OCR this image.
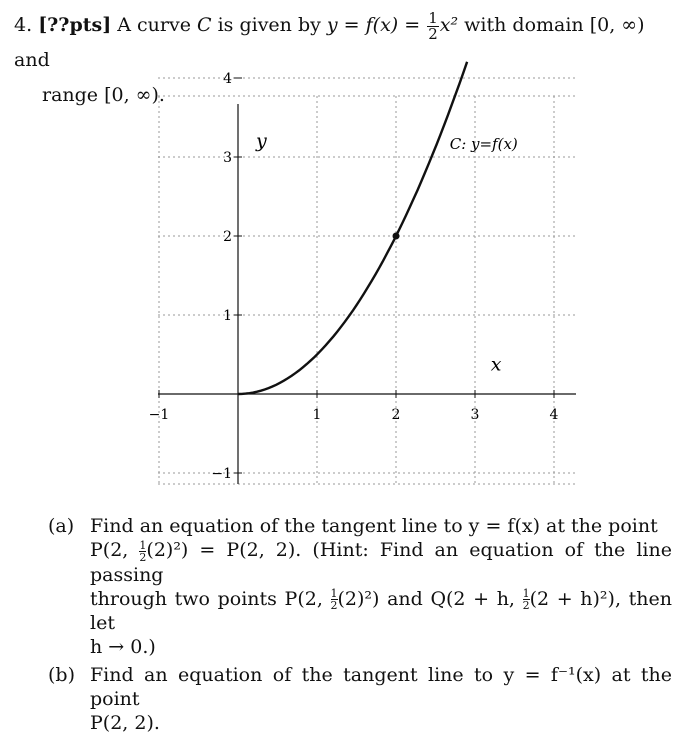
4. [??pts] A curve C is given by $y = f(x) = \frac{1}{2} x^2$ with domain [0, ∞) and
range [0, ∞).
−1	1	2	3	4
−1
1
2
3
4
y
x
C: y=f(x)
(a) Find an equation of the tangent line to y = f(x) at the point
P(2, $\frac{1}{2} (2)^2) = P(2$, 2). (Hint: Find an equation of the line passing
through two points P(2, $\frac{1}{2} (2)^2$) and Q(2 + h, $\frac{1}{2} (2 + h)^2$), then let
h → 0.)
(b) Find an equation of the tangent line to y = f⁻¹(x) at the point
P(2, 2).
